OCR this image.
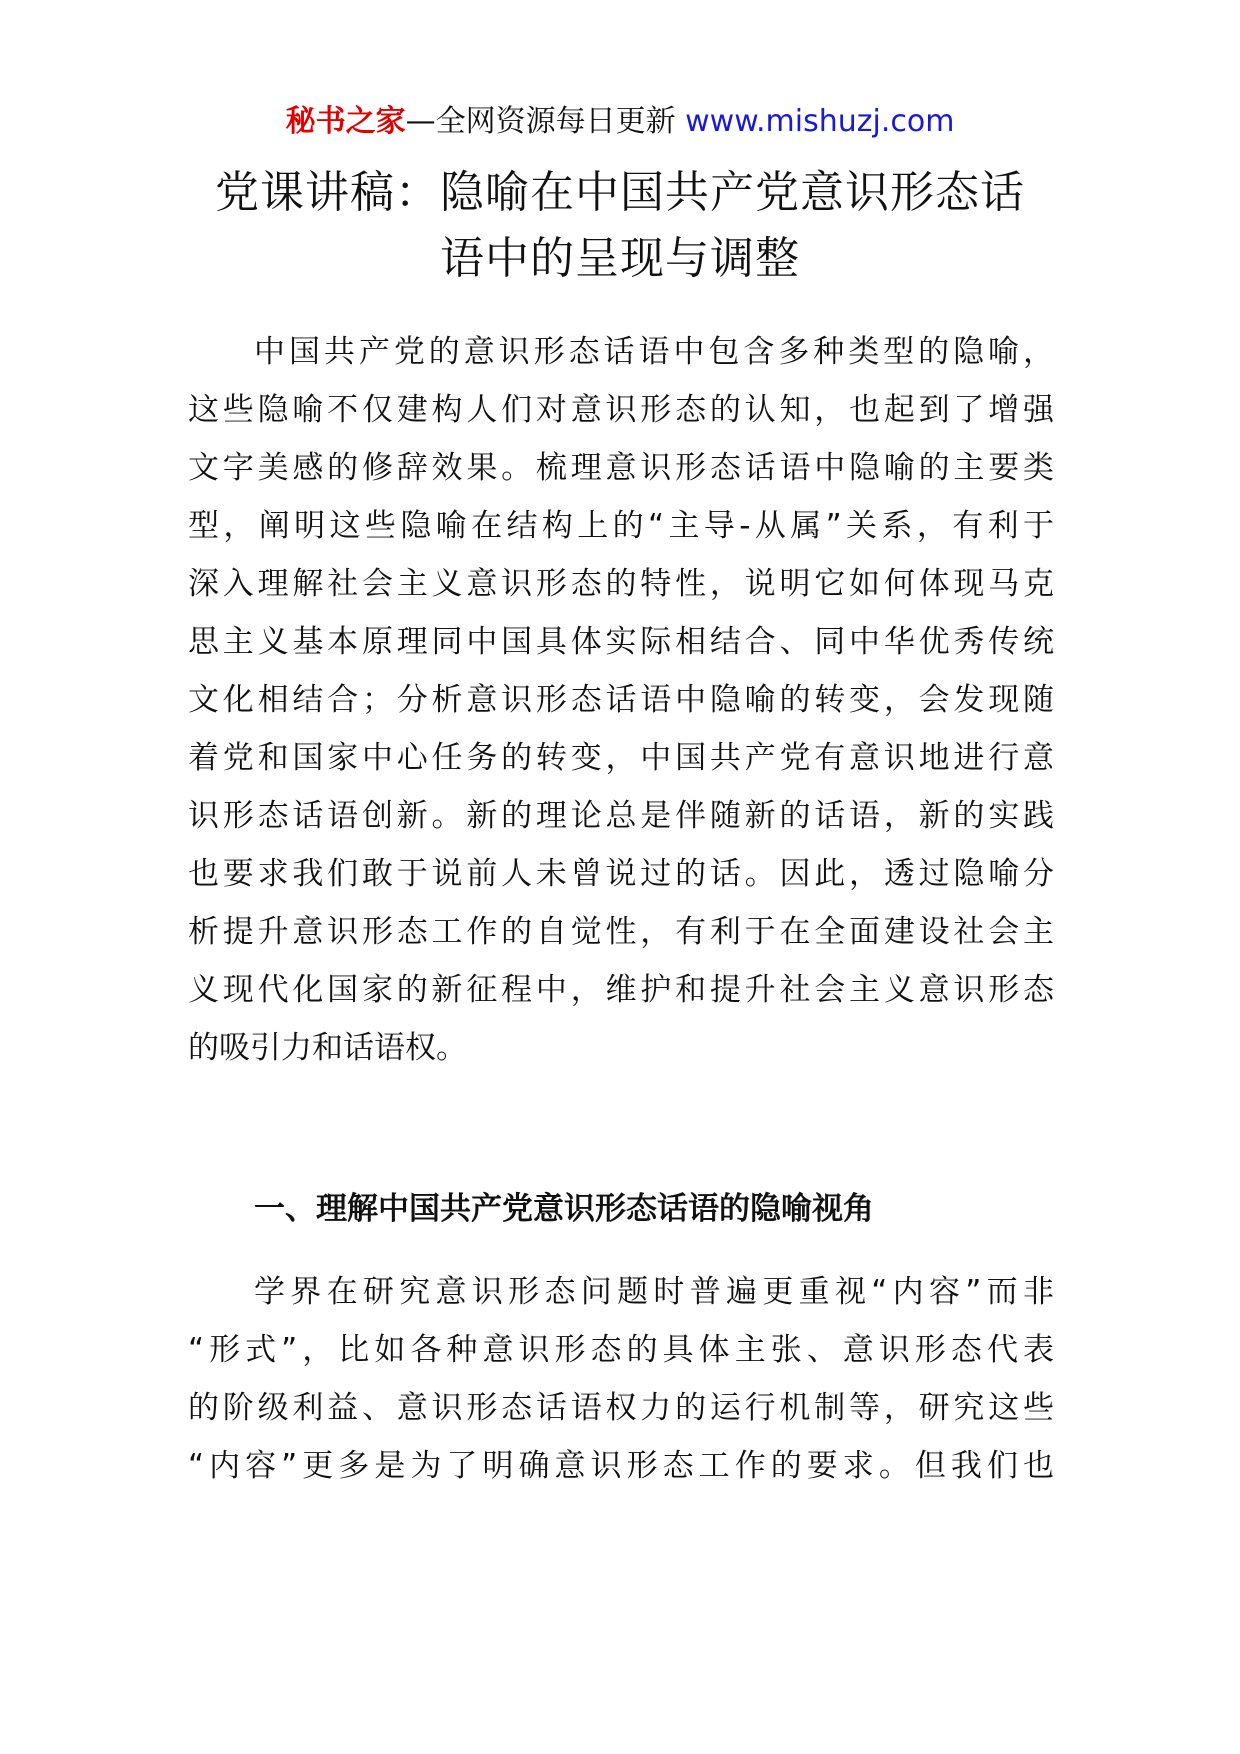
秘书之家—全网资源每日更新 www.mishuzj.com
党课讲稿：隐喻在中国共产党意识形态话
语中的呈现与调整
中国共产党的意识形态话语中包含多种类型的隐喻，
这些隐喻不仅建构人们对意识形态的认知，也起到了增强
文字美感的修辞效果。梳理意识形态话语中隐喻的主要类
型，阐明这些隐喻在结构上的“主导-从属”关系，有利于
深入理解社会主义意识形态的特性，说明它如何体现马克
思主义基本原理同中国具体实际相结合、同中华优秀传统
文化相结合；分析意识形态话语中隐喻的转变，会发现随
着党和国家中心任务的转变，中国共产党有意识地进行意
识形态话语创新。新的理论总是伴随新的话语，新的实践
也要求我们敢于说前人未曾说过的话。因此，透过隐喻分
析提升意识形态工作的自觉性，有利于在全面建设社会主
义现代化国家的新征程中，维护和提升社会主义意识形态
的吸引力和话语权。
一、理解中国共产党意识形态话语的隐喻视角
学界在研究意识形态问题时普遍更重视“内容”而非
“形式”，比如各种意识形态的具体主张、意识形态代表
的阶级利益、意识形态话语权力的运行机制等，研究这些
“内容”更多是为了明确意识形态工作的要求。但我们也
